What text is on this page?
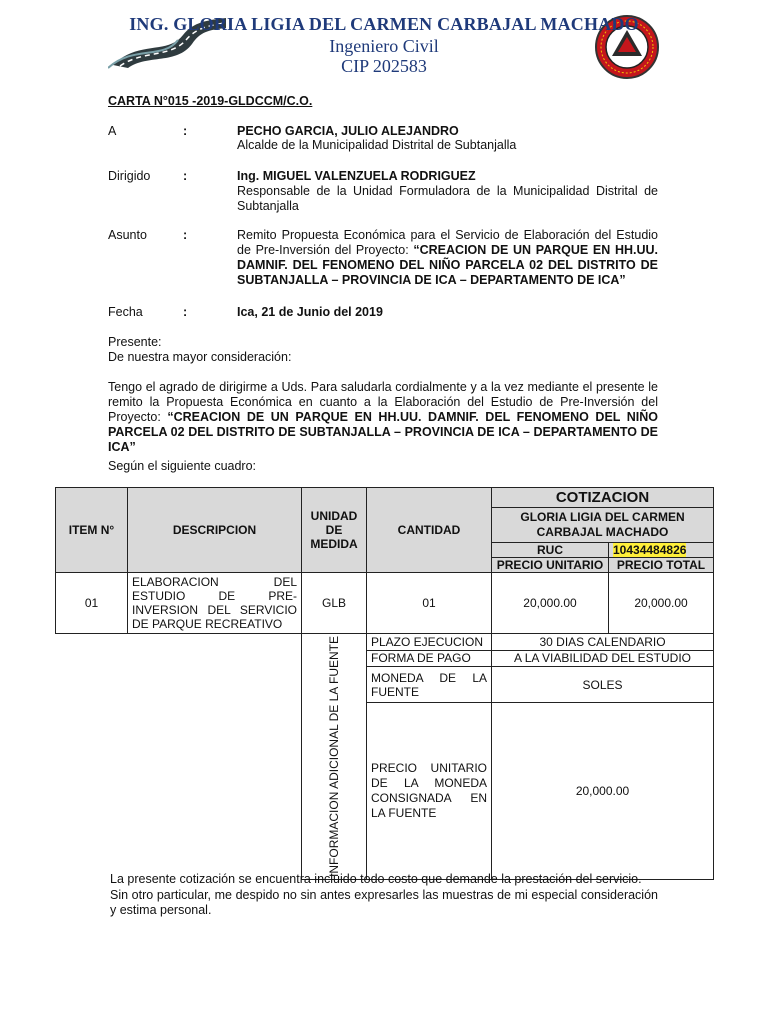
ING. GLORIA LIGIA DEL CARMEN CARBAJAL MACHADO
Ingeniero Civil
CIP 202583
CARTA N°015 -2019-GLDCCM/C.O.
A	:	PECHO GARCIA, JULIO ALEJANDRO
Alcalde de la Municipalidad Distrital de Subtanjalla
Dirigido	:	Ing. MIGUEL VALENZUELA RODRIGUEZ
Responsable de la Unidad Formuladora de la Municipalidad Distrital de Subtanjalla
Asunto	:	Remito Propuesta Económica para el Servicio de Elaboración del Estudio de Pre-Inversión del Proyecto: “CREACION DE UN PARQUE EN HH.UU. DAMNIF. DEL FENOMENO DEL NIÑO PARCELA 02 DEL DISTRITO DE SUBTANJALLA – PROVINCIA DE ICA – DEPARTAMENTO DE ICA”
Fecha	:	Ica, 21 de Junio del 2019
Presente:
De nuestra mayor consideración:
Tengo el agrado de dirigirme a Uds. Para saludarla cordialmente y a la vez mediante el presente le remito la Propuesta Económica en cuanto a la Elaboración del Estudio de Pre-Inversión del Proyecto: “CREACION DE UN PARQUE EN HH.UU. DAMNIF. DEL FENOMENO DEL NIÑO PARCELA 02 DEL DISTRITO DE SUBTANJALLA – PROVINCIA DE ICA – DEPARTAMENTO DE ICA”
Según el siguiente cuadro:
ITEM N°	DESCRIPCION	UNIDAD DE MEDIDA	CANTIDAD	COTIZACION	
				GLORIA LIGIA DEL CARMEN CARBAJAL MACHADO	
				RUC	10434484826
				PRECIO UNITARIO	PRECIO TOTAL
01	ELABORACION DEL ESTUDIO DE PRE-INVERSION DEL SERVICIO DE PARQUE RECREATIVO	GLB	01	20,000.00	20,000.00

		INFORMACION ADICIONAL DE LA FUENTE	PLAZO EJECUCION	30 DIAS CALENDARIO	
			FORMA DE PAGO	A LA VIABILIDAD DEL ESTUDIO	
			MONEDA DE LA FUENTE	SOLES	
			PRECIO UNITARIO DE LA MONEDA CONSIGNADA EN LA FUENTE	20,000.00	
La presente cotización se encuentra incluido todo costo que demande la prestación del servicio.
Sin otro particular, me despido no sin antes expresarles las muestras de mi especial consideración y estima personal.
